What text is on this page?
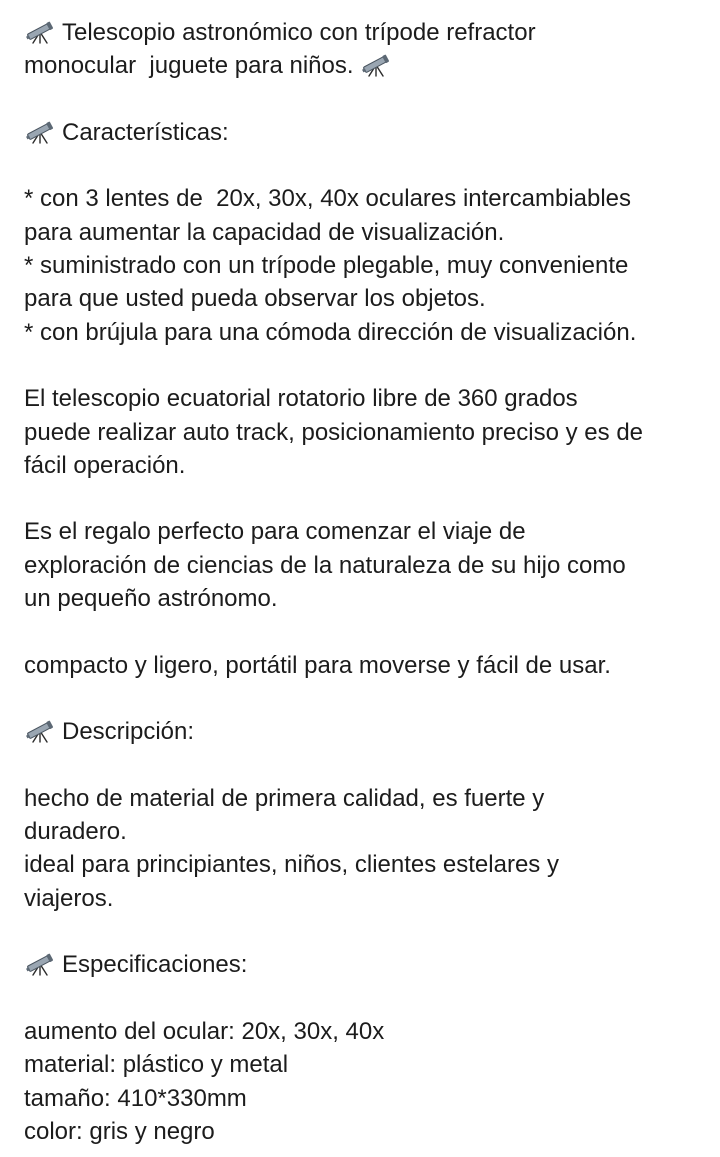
Telescopio astronómico con trípode refractor
monocular  juguete para niños.
Características:
* con 3 lentes de  20x, 30x, 40x oculares intercambiables
para aumentar la capacidad de visualización.
* suministrado con un trípode plegable, muy conveniente
para que usted pueda observar los objetos.
* con brújula para una cómoda dirección de visualización.
El telescopio ecuatorial rotatorio libre de 360 grados
puede realizar auto track, posicionamiento preciso y es de
fácil operación.
Es el regalo perfecto para comenzar el viaje de
exploración de ciencias de la naturaleza de su hijo como
un pequeño astrónomo.
compacto y ligero, portátil para moverse y fácil de usar.
Descripción:
hecho de material de primera calidad, es fuerte y
duradero.
ideal para principiantes, niños, clientes estelares y
viajeros.
Especificaciones:
aumento del ocular: 20x, 30x, 40x
material: plástico y metal
tamaño: 410*330mm
color: gris y negro
